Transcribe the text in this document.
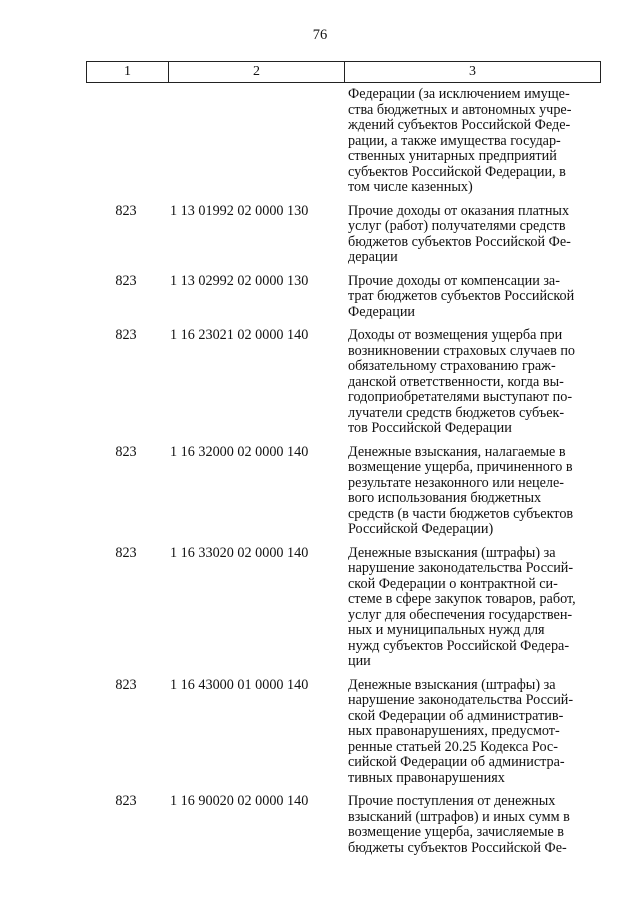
76
1	2	3
Федерации (за исключением имуще-
ства бюджетных и автономных учре-
ждений субъектов Российской Феде-
рации, а также имущества государ-
ственных унитарных предприятий
субъектов Российской Федерации, в
том числе казенных)
823	1 13 01992 02 0000 130	Прочие доходы от оказания платных
услуг (работ) получателями средств
бюджетов субъектов Российской Фе-
дерации
823	1 13 02992 02 0000 130	Прочие доходы от компенсации за-
трат бюджетов субъектов Российской
Федерации
823	1 16 23021 02 0000 140	Доходы от возмещения ущерба при
возникновении страховых случаев по
обязательному страхованию граж-
данской ответственности, когда вы-
годоприобретателями выступают по-
лучатели средств бюджетов субъек-
тов Российской Федерации
823	1 16 32000 02 0000 140	Денежные взыскания, налагаемые в
возмещение ущерба, причиненного в
результате незаконного или нецеле-
вого использования бюджетных
средств (в части бюджетов субъектов
Российской Федерации)
823	1 16 33020 02 0000 140	Денежные взыскания (штрафы) за
нарушение законодательства Россий-
ской Федерации о контрактной си-
стеме в сфере закупок товаров, работ,
услуг для обеспечения государствен-
ных и муниципальных нужд для
нужд субъектов Российской Федера-
ции
823	1 16 43000 01 0000 140	Денежные взыскания (штрафы) за
нарушение законодательства Россий-
ской Федерации об административ-
ных правонарушениях, предусмот-
ренные статьей 20.25 Кодекса Рос-
сийской Федерации об администра-
тивных правонарушениях
823	1 16 90020 02 0000 140	Прочие поступления от денежных
взысканий (штрафов) и иных сумм в
возмещение ущерба, зачисляемые в
бюджеты субъектов Российской Фе-
